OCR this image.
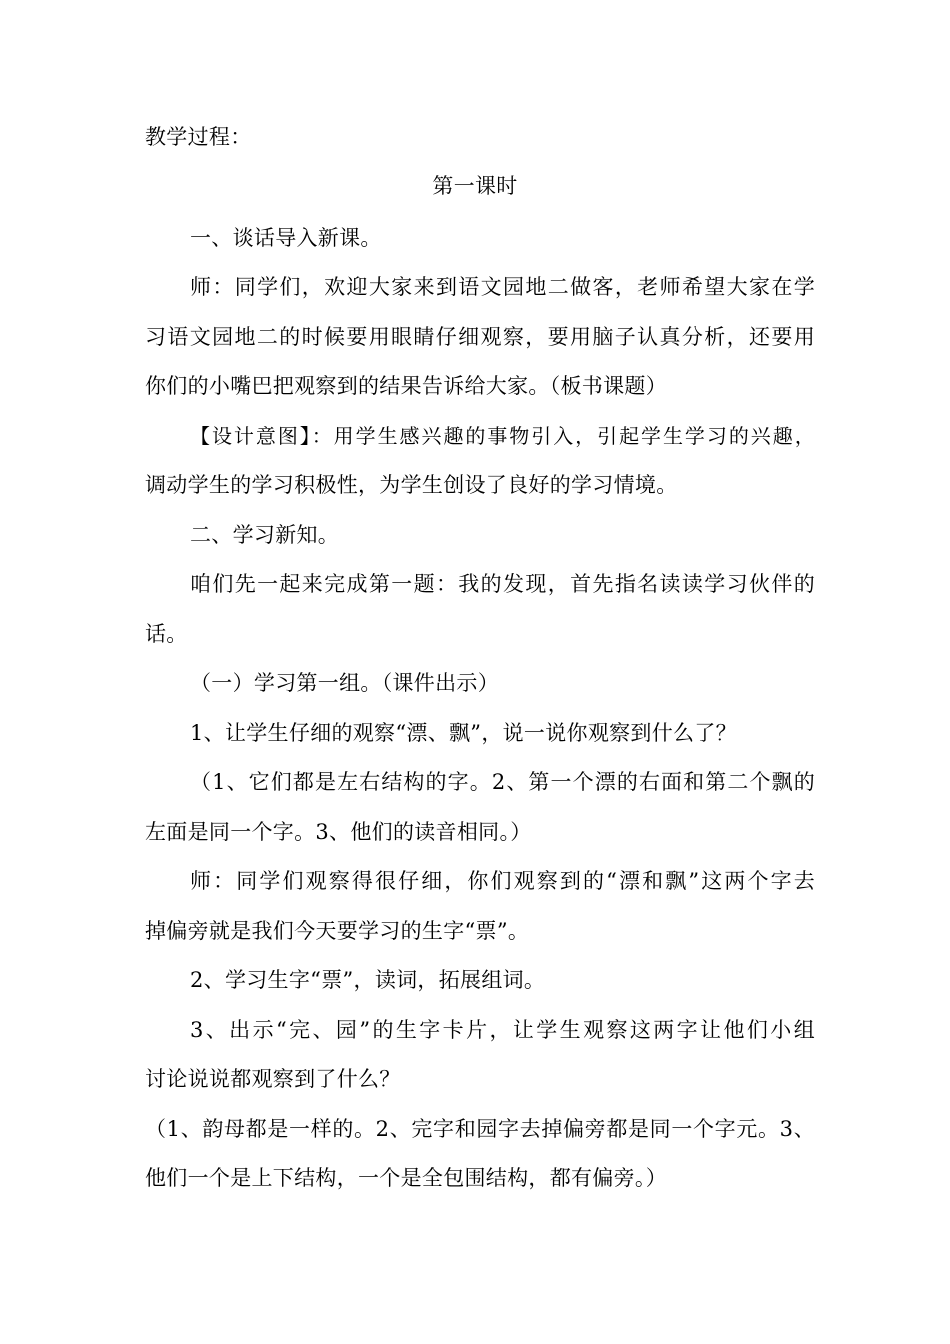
教学过程：
第一课时
一、谈话导入新课。
师：同学们，欢迎大家来到语文园地二做客，老师希望大家在学
习语文园地二的时候要用眼睛仔细观察，要用脑子认真分析，还要用
你们的小嘴巴把观察到的结果告诉给大家。（板书课题）
【设计意图】：用学生感兴趣的事物引入，引起学生学习的兴趣，
调动学生的学习积极性，为学生创设了良好的学习情境。
二、学习新知。
咱们先一起来完成第一题：我的发现，首先指名读读学习伙伴的
话。
（一）学习第一组。（课件出示）
1、让学生仔细的观察“漂、飘”，说一说你观察到什么了？
（1、它们都是左右结构的字。2、第一个漂的右面和第二个飘的
左面是同一个字。3、他们的读音相同。）
师：同学们观察得很仔细，你们观察到的“漂和飘”这两个字去
掉偏旁就是我们今天要学习的生字“票”。
2、学习生字“票”，读词，拓展组词。
3、出示“完、园”的生字卡片，让学生观察这两字让他们小组
讨论说说都观察到了什么？
（1、韵母都是一样的。2、完字和园字去掉偏旁都是同一个字元。3、
他们一个是上下结构，一个是全包围结构，都有偏旁。）
